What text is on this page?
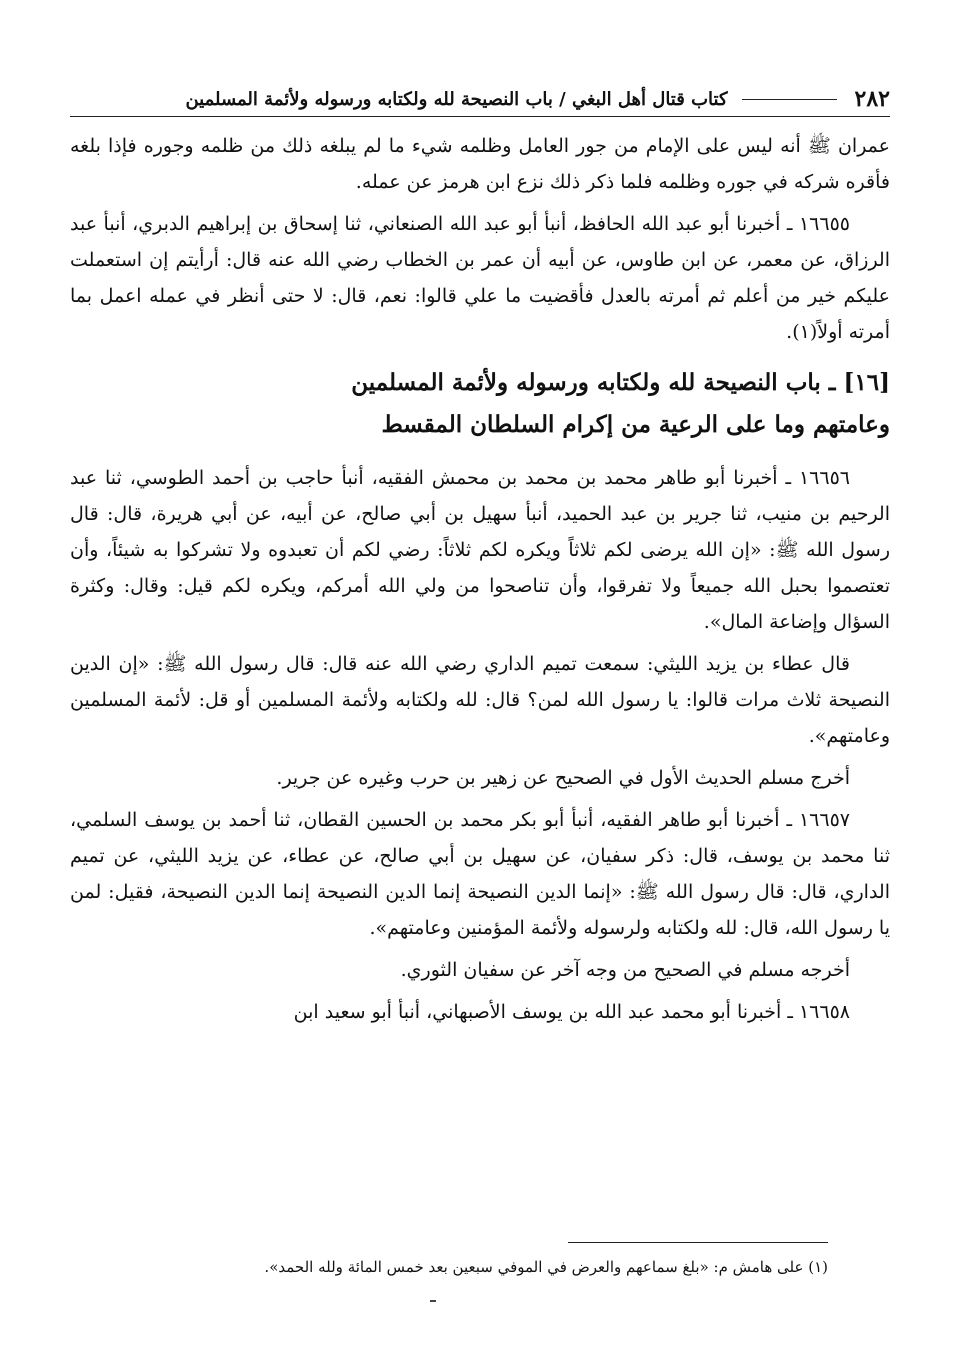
٢٨٢
كتاب قتال أهل البغي / باب النصيحة لله ولكتابه ورسوله ولأئمة المسلمين

عمران ﷺ أنه ليس على الإمام من جور العامل وظلمه شيء ما لم يبلغه ذلك من ظلمه وجوره فإذا بلغه فأقره شركه في جوره وظلمه فلما ذكر ذلك نزع ابن هرمز عن عمله.

١٦٦٥٥ ـ أخبرنا أبو عبد الله الحافظ، أنبأ أبو عبد الله الصنعاني، ثنا إسحاق بن إبراهيم الدبري، أنبأ عبد الرزاق، عن معمر، عن ابن طاوس، عن أبيه أن عمر بن الخطاب رضي الله عنه قال: أرأيتم إن استعملت عليكم خير من أعلم ثم أمرته بالعدل فأقضيت ما علي قالوا: نعم، قال: لا حتى أنظر في عمله اعمل بما أمرته أولاً(١).

[١٦] ـ باب النصيحة لله ولكتابه ورسوله ولأئمة المسلمين
وعامتهم وما على الرعية من إكرام السلطان المقسط

١٦٦٥٦ ـ أخبرنا أبو طاهر محمد بن محمد بن محمش الفقيه، أنبأ حاجب بن أحمد الطوسي، ثنا عبد الرحيم بن منيب، ثنا جرير بن عبد الحميد، أنبأ سهيل بن أبي صالح، عن أبيه، عن أبي هريرة، قال: قال رسول الله ﷺ: «إن الله يرضى لكم ثلاثاً ويكره لكم ثلاثاً: رضي لكم أن تعبدوه ولا تشركوا به شيئاً، وأن تعتصموا بحبل الله جميعاً ولا تفرقوا، وأن تناصحوا من ولي الله أمركم، ويكره لكم قيل: وقال: وكثرة السؤال وإضاعة المال».

قال عطاء بن يزيد الليثي: سمعت تميم الداري رضي الله عنه قال: قال رسول الله ﷺ: «إن الدين النصيحة ثلاث مرات قالوا: يا رسول الله لمن؟ قال: لله ولكتابه ولأئمة المسلمين أو قل: لأئمة المسلمين وعامتهم».

أخرج مسلم الحديث الأول في الصحيح عن زهير بن حرب وغيره عن جرير.

١٦٦٥٧ ـ أخبرنا أبو طاهر الفقيه، أنبأ أبو بكر محمد بن الحسين القطان، ثنا أحمد بن يوسف السلمي، ثنا محمد بن يوسف، قال: ذكر سفيان، عن سهيل بن أبي صالح، عن عطاء، عن يزيد الليثي، عن تميم الداري، قال: قال رسول الله ﷺ: «إنما الدين النصيحة إنما الدين النصيحة إنما الدين النصيحة، فقيل: لمن يا رسول الله، قال: لله ولكتابه ولرسوله ولأئمة المؤمنين وعامتهم».

أخرجه مسلم في الصحيح من وجه آخر عن سفيان الثوري.

١٦٦٥٨ ـ أخبرنا أبو محمد عبد الله بن يوسف الأصبهاني، أنبأ أبو سعيد ابن

(١) على هامش م: «بلغ سماعهم والعرض في الموفي سبعين بعد خمس المائة ولله الحمد».
